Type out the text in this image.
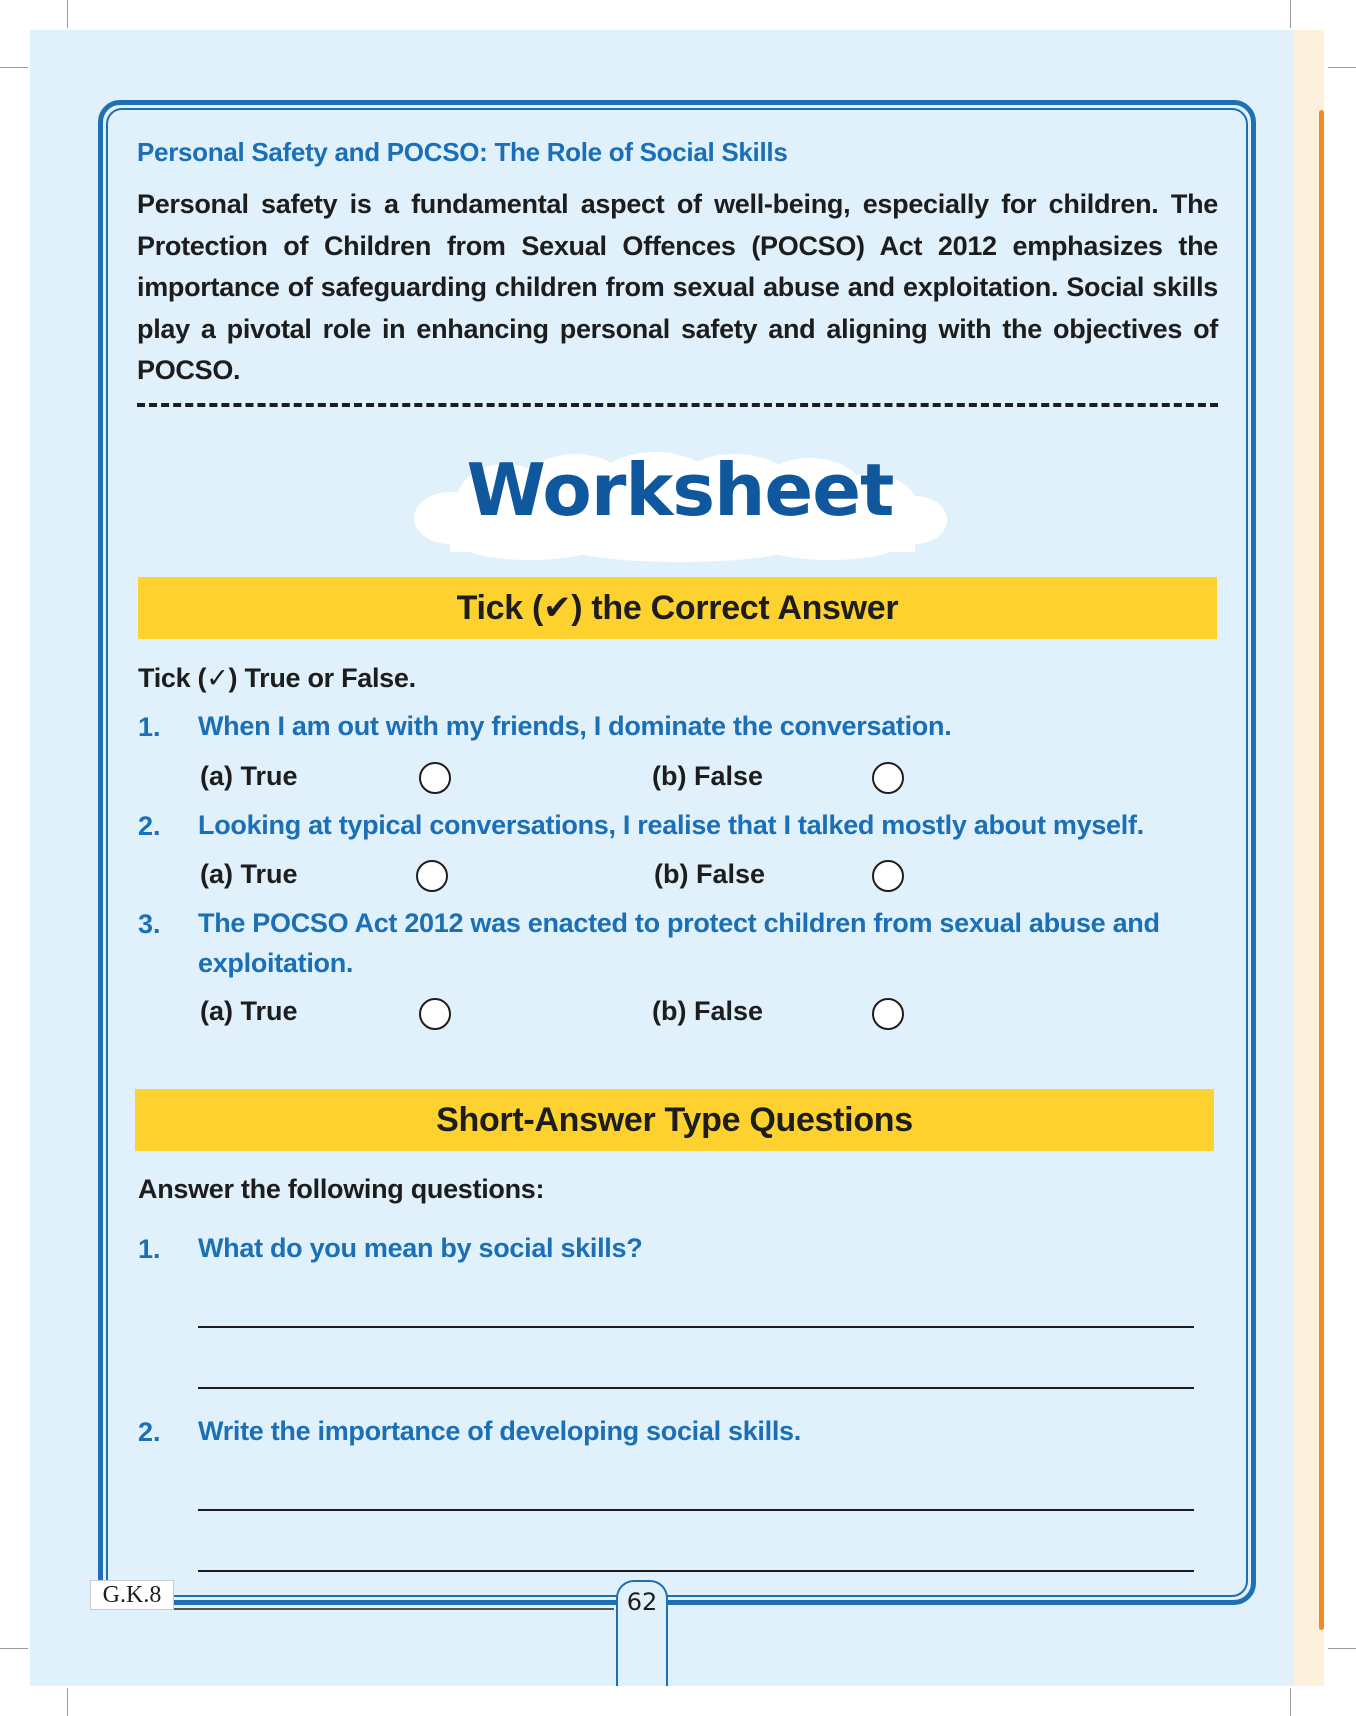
Personal Safety and POCSO: The Role of Social Skills
Personal safety is a fundamental aspect of well-being, especially for children. The Protection of Children from Sexual Offences (POCSO) Act 2012 emphasizes the importance of safeguarding children from sexual abuse and exploitation. Social skills play a pivotal role in enhancing personal safety and aligning with the objectives of POCSO.
Worksheet
Tick (✔) the Correct Answer
Tick (✓) True or False.
1. When I am out with my friends, I dominate the conversation.
(a) True	(b) False
2. Looking at typical conversations, I realise that I talked mostly about myself.
(a) True	(b) False
3. The POCSO Act 2012 was enacted to protect children from sexual abuse and exploitation.
(a) True	(b) False
Short-Answer Type Questions
Answer the following questions:
1. What do you mean by social skills?
2. Write the importance of developing social skills.
G.K.8	62
